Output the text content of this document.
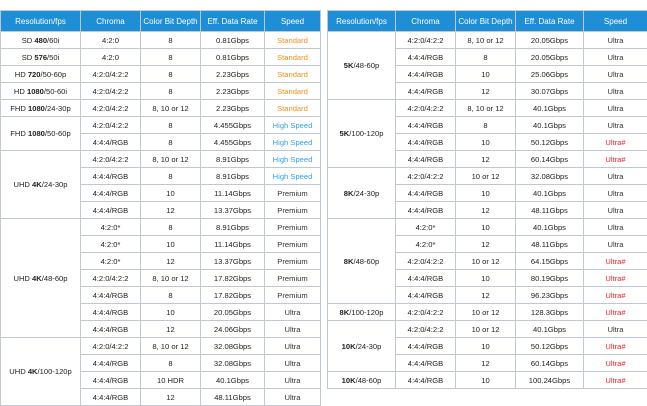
Resolution/fps	Chroma	Color Bit Depth	Eff. Data Rate	Speed
SD 480/60i	4:2:0	8	0.81Gbps	Standard
SD 576/50i	4:2:0	8	0.81Gbps	Standard
HD 720/50-60p	4:2:0/4:2:2	8	2.23Gbps	Standard
HD 1080/50-60i	4:2:0/4:2:2	8	2.23Gbps	Standard
FHD 1080/24-30p	4:2:0/4:2:2	8, 10 or 12	2.23Gbps	Standard
FHD 1080/50-60p	4:2:0/4:2:2	8	4.455Gbps	High Speed
	4:4:4/RGB	8	4.455Gbps	High Speed
UHD 4K/24-30p	4:2:0/4:2:2	8, 10 or 12	8.91Gbps	High Speed
	4:4:4/RGB	8	8.91Gbps	High Speed
	4:4:4/RGB	10	11.14Gbps	Premium
	4:4:4/RGB	12	13.37Gbps	Premium
UHD 4K/48-60p	4:2:0*	8	8.91Gbps	Premium
	4:2:0*	10	11.14Gbps	Premium
	4:2:0*	12	13.37Gbps	Premium
	4:2:0/4:2:2	8, 10 or 12	17.82Gbps	Premium
	4:4:4/RGB	8	17.82Gbps	Premium
	4:4:4/RGB	10	20.05Gbps	Ultra
	4:4:4/RGB	12	24.06Gbps	Ultra
UHD 4K/100-120p	4:2:0/4:2:2	8, 10 or 12	32.08Gbps	Ultra
	4:4:4/RGB	8	32.08Gbps	Ultra
	4:4:4/RGB	10 HDR	40.1Gbps	Ultra
	4:4:4/RGB	12	48.11Gbps	Ultra
Resolution/fps	Chroma	Color Bit Depth	Eff. Data Rate	Speed
5K/48-60p	4:2:0/4:2:2	8, 10 or 12	20.05Gbps	Ultra
	4:4:4/RGB	8	20.05Gbps	Ultra
	4:4:4/RGB	10	25.06Gbps	Ultra
	4:4:4/RGB	12	30.07Gbps	Ultra
5K/100-120p	4:2:0/4:2:2	8, 10 or 12	40.1Gbps	Ultra
	4:4:4/RGB	8	40.1Gbps	Ultra
	4:4:4/RGB	10	50.12Gbps	Ultra#
	4:4:4/RGB	12	60.14Gbps	Ultra#
8K/24-30p	4:2:0/4:2:2	10 or 12	32.08Gbps	Ultra
	4:4:4/RGB	10	40.1Gbps	Ultra
	4:4:4/RGB	12	48.11Gbps	Ultra
8K/48-60p	4:2:0*	10	40.1Gbps	Ultra
	4:2:0*	12	48.11Gbps	Ultra
	4:2:0/4:2:2	10 or 12	64.15Gbps	Ultra#
	4:4:4/RGB	10	80.19Gbps	Ultra#
	4:4:4/RGB	12	96.23Gbps	Ultra#
8K/100-120p	4:2:0/4:2:2	10 or 12	128.3Gbps	Ultra#
10K/24-30p	4:2:0/4:2:2	10 or 12	40.1Gbps	Ultra
	4:4:4/RGB	10	50.12Gbps	Ultra#
	4:4:4/RGB	12	60.14Gbps	Ultra#
10K/48-60p	4:4:4/RGB	10	100.24Gbps	Ultra#
